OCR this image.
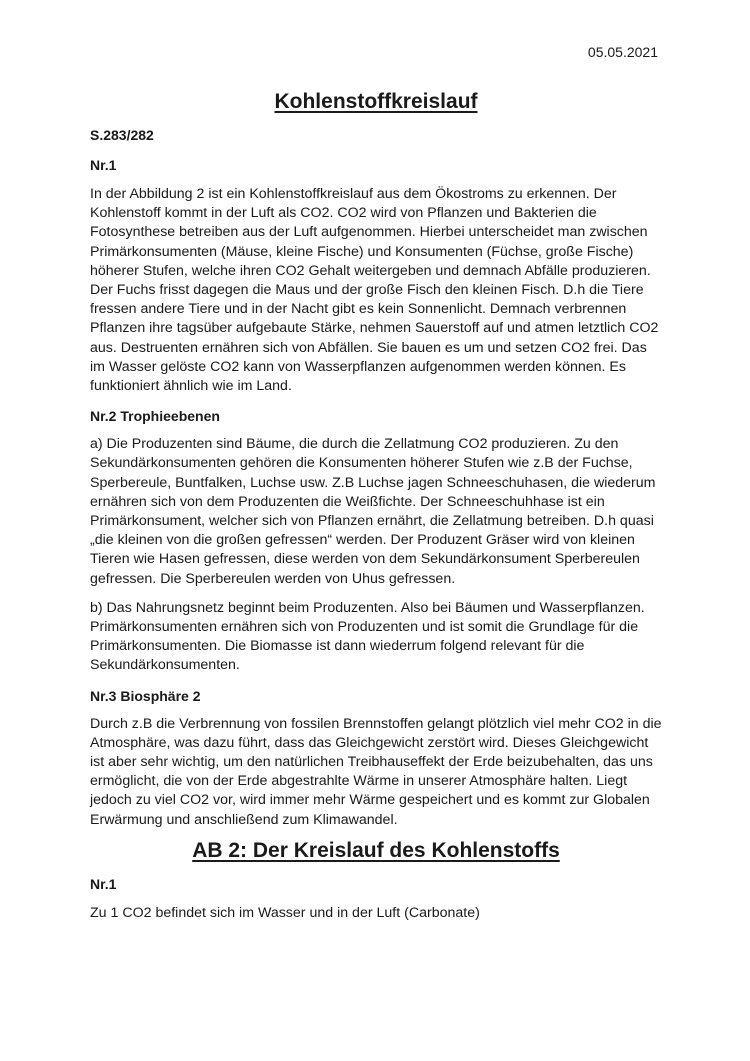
05.05.2021
Kohlenstoffkreislauf
S.283/282
Nr.1

In der Abbildung 2 ist ein Kohlenstoffkreislauf aus dem Ökostroms zu erkennen. Der Kohlenstoff kommt in der Luft als CO2. CO2 wird von Pflanzen und Bakterien die Fotosynthese betreiben aus der Luft aufgenommen. Hierbei unterscheidet man zwischen Primärkonsumenten (Mäuse, kleine Fische) und Konsumenten (Füchse, große Fische) höherer Stufen, welche ihren CO2 Gehalt weitergeben und demnach Abfälle produzieren. Der Fuchs frisst dagegen die Maus und der große Fisch den kleinen Fisch. D.h die Tiere fressen andere Tiere und in der Nacht gibt es kein Sonnenlicht. Demnach verbrennen Pflanzen ihre tagsüber aufgebaute Stärke, nehmen Sauerstoff auf und atmen letztlich CO2 aus. Destruenten ernähren sich von Abfällen. Sie bauen es um und setzen CO2 frei. Das im Wasser gelöste CO2 kann von Wasserpflanzen aufgenommen werden können. Es funktioniert ähnlich wie im Land.

Nr.2 Trophieebenen

a) Die Produzenten sind Bäume, die durch die Zellatmung CO2 produzieren. Zu den Sekundärkonsumenten gehören die Konsumenten höherer Stufen wie z.B der Fuchse, Sperbereule, Buntfalken, Luchse usw. Z.B Luchse jagen Schneeschuhasen, die wiederum ernähren sich von dem Produzenten die Weißfichte. Der Schneeschuhhase ist ein Primärkonsument, welcher sich von Pflanzen ernährt, die Zellatmung betreiben. D.h quasi „die kleinen von die großen gefressen“ werden. Der Produzent Gräser wird von kleinen Tieren wie Hasen gefressen, diese werden von dem Sekundärkonsument Sperbereulen gefressen. Die Sperbereulen werden von Uhus gefressen.

b) Das Nahrungsnetz beginnt beim Produzenten. Also bei Bäumen und Wasserpflanzen. Primärkonsumenten ernähren sich von Produzenten und ist somit die Grundlage für die Primärkonsumenten. Die Biomasse ist dann wiederrum folgend relevant für die Sekundärkonsumenten.

Nr.3 Biosphäre 2

Durch z.B die Verbrennung von fossilen Brennstoffen gelangt plötzlich viel mehr CO2 in die Atmosphäre, was dazu führt, dass das Gleichgewicht zerstört wird. Dieses Gleichgewicht ist aber sehr wichtig, um den natürlichen Treibhauseffekt der Erde beizubehalten, das uns ermöglicht, die von der Erde abgestrahlte Wärme in unserer Atmosphäre halten. Liegt jedoch zu viel CO2 vor, wird immer mehr Wärme gespeichert und es kommt zur Globalen Erwärmung und anschließend zum Klimawandel.

AB 2: Der Kreislauf des Kohlenstoffs
Nr.1

Zu 1 CO2 befindet sich im Wasser und in der Luft (Carbonate)
